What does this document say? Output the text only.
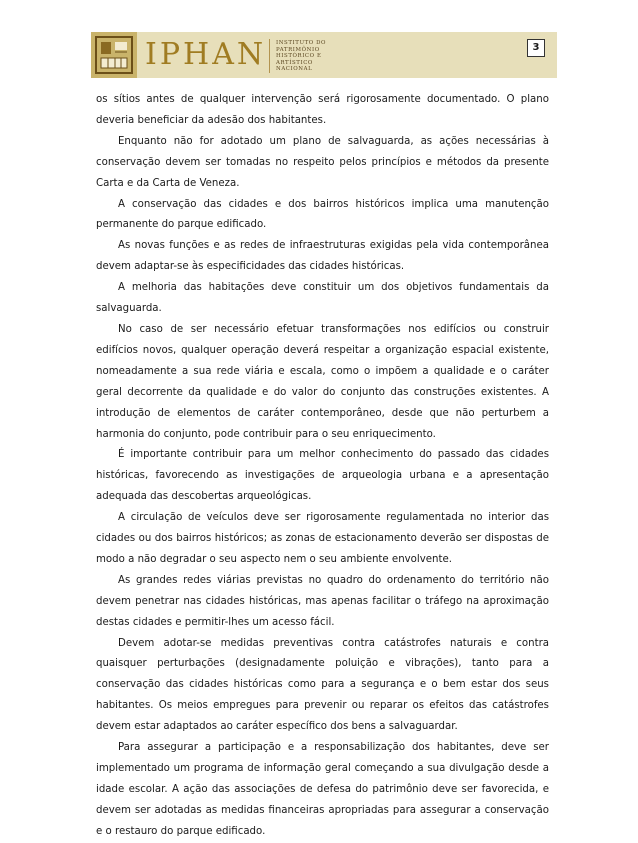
IPHAN INSTITUTO DO
PATRIMÔNIO
HISTÓRICO E
ARTÍSTICO
NACIONAL
3

os sítios antes de qualquer intervenção será rigorosamente documentado. O plano deveria beneficiar da adesão dos habitantes.

Enquanto não for adotado um plano de salvaguarda, as ações necessárias à conservação devem ser tomadas no respeito pelos princípios e métodos da presente Carta e da Carta de Veneza.

A conservação das cidades e dos bairros históricos implica uma manutenção permanente do parque edificado.

As novas funções e as redes de infraestruturas exigidas pela vida contemporânea devem adaptar-se às especificidades das cidades históricas.

A melhoria das habitações deve constituir um dos objetivos fundamentais da salvaguarda.

No caso de ser necessário efetuar transformações nos edifícios ou construir edifícios novos, qualquer operação deverá respeitar a organização espacial existente, nomeadamente a sua rede viária e escala, como o impõem a qualidade e o caráter geral decorrente da qualidade e do valor do conjunto das construções existentes. A introdução de elementos de caráter contemporâneo, desde que não perturbem a harmonia do conjunto, pode contribuir para o seu enriquecimento.

É importante contribuir para um melhor conhecimento do passado das cidades históricas, favorecendo as investigações de arqueologia urbana e a apresentação adequada das descobertas arqueológicas.

A circulação de veículos deve ser rigorosamente regulamentada no interior das cidades ou dos bairros históricos; as zonas de estacionamento deverão ser dispostas de modo a não degradar o seu aspecto nem o seu ambiente envolvente.

As grandes redes viárias previstas no quadro do ordenamento do território não devem penetrar nas cidades históricas, mas apenas facilitar o tráfego na aproximação destas cidades e permitir-lhes um acesso fácil.

Devem adotar-se medidas preventivas contra catástrofes naturais e contra quaisquer perturbações (designadamente poluição e vibrações), tanto para a conservação das cidades históricas como para a segurança e o bem estar dos seus habitantes. Os meios empregues para prevenir ou reparar os efeitos das catástrofes devem estar adaptados ao caráter específico dos bens a salvaguardar.

Para assegurar a participação e a responsabilização dos habitantes, deve ser implementado um programa de informação geral começando a sua divulgação desde a idade escolar. A ação das associações de defesa do patrimônio deve ser favorecida, e devem ser adotadas as medidas financeiras apropriadas para assegurar a conservação e o restauro do parque edificado.
